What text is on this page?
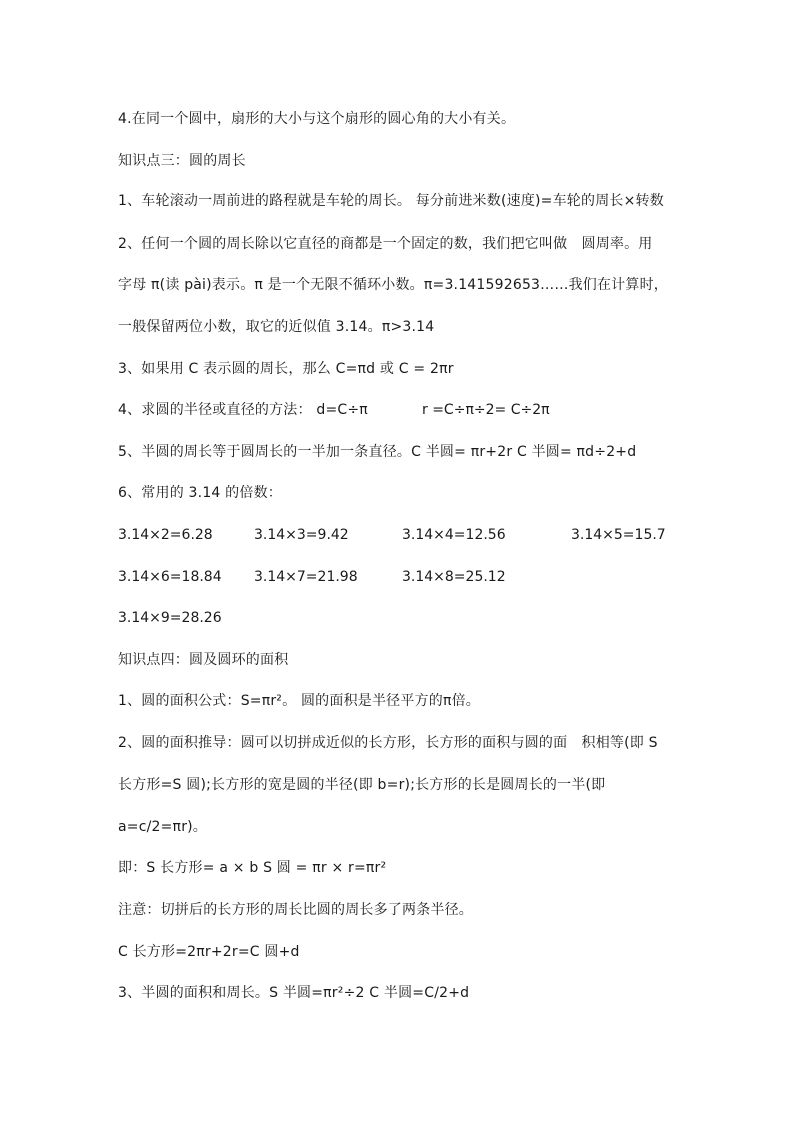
4.在同一个圆中，扇形的大小与这个扇形的圆心角的大小有关。
知识点三：圆的周长
1、车轮滚动一周前进的路程就是车轮的周长。 每分前进米数(速度)=车轮的周长×转数
2、任何一个圆的周长除以它直径的商都是一个固定的数，我们把它叫做　圆周率。用
字母 π(读 pài)表示。π 是一个无限不循环小数。π=3.141592653……我们在计算时，
一般保留两位小数，取它的近似值 3.14。π>3.14
3、如果用 C 表示圆的周长，那么 C=πd 或 C = 2πr
4、求圆的半径或直径的方法： d=C÷π	r =C÷π÷2= C÷2π
5、半圆的周长等于圆周长的一半加一条直径。C 半圆= πr+2r C 半圆= πd÷2+d
6、常用的 3.14 的倍数：
3.14×2=6.28	3.14×3=9.42	3.14×4=12.56	3.14×5=15.7
3.14×6=18.84 3.14×7=21.98	3.14×8=25.12
3.14×9=28.26
知识点四：圆及圆环的面积
1、圆的面积公式：S=πr²。 圆的面积是半径平方的π倍。
2、圆的面积推导：圆可以切拼成近似的长方形，长方形的面积与圆的面　积相等(即 S
长方形=S 圆);长方形的宽是圆的半径(即 b=r);长方形的长是圆周长的一半(即
a=c/2=πr)。
即：S 长方形= a × b S 圆 = πr × r=πr²
注意：切拼后的长方形的周长比圆的周长多了两条半径。
C 长方形=2πr+2r=C 圆+d
3、半圆的面积和周长。S 半圆=πr²÷2 C 半圆=C/2+d
